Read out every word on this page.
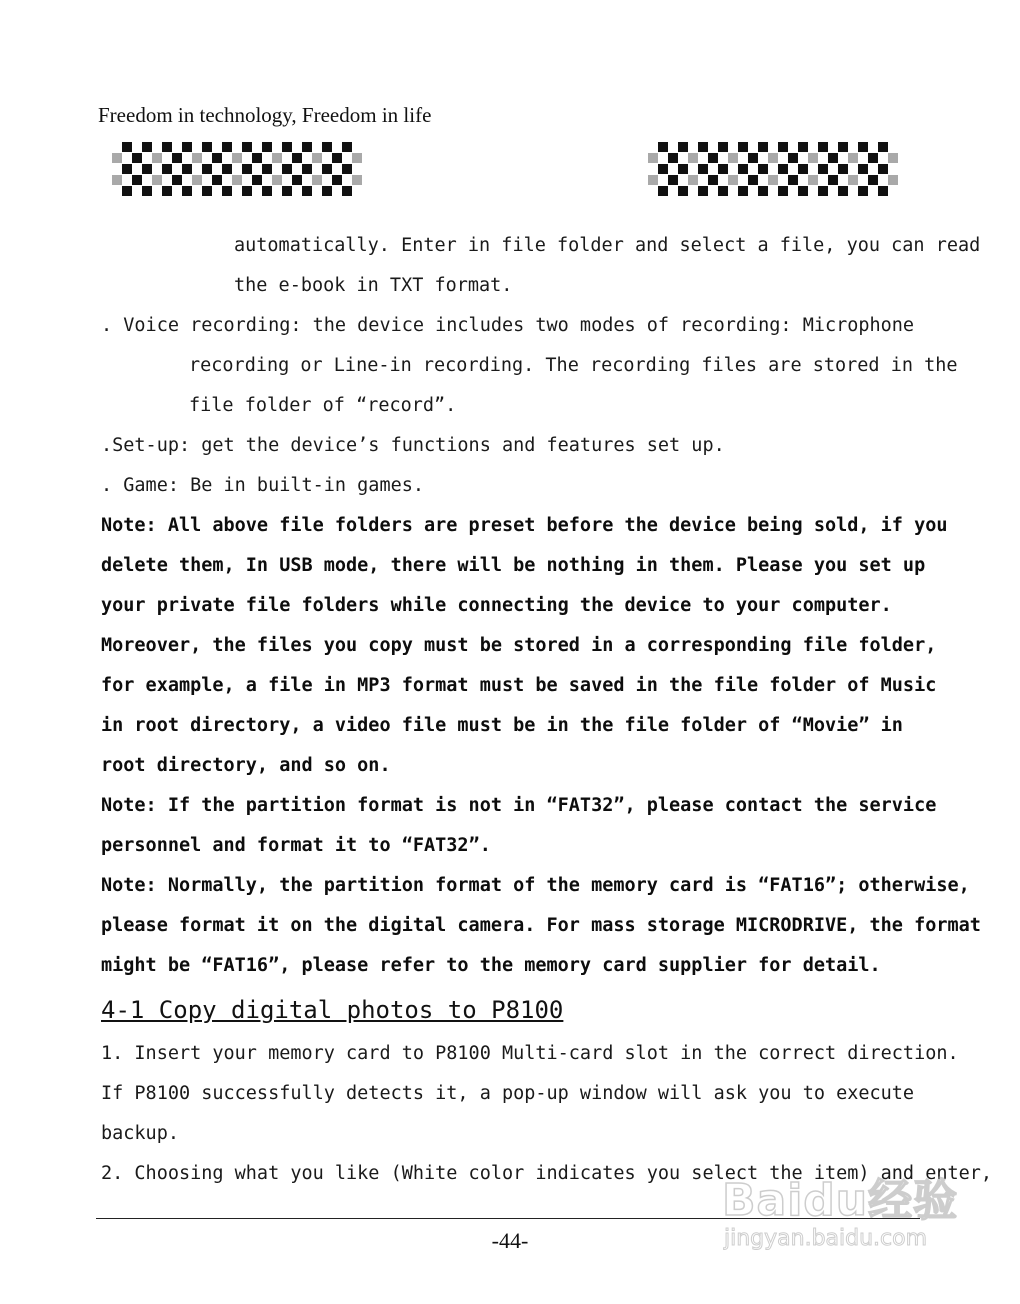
Freedom in technology, Freedom in life
automatically. Enter in file folder and select a file, you can read
the e-book in TXT format.
. Voice recording: the device includes two modes of recording: Microphone
recording or Line-in recording. The recording files are stored in the
file folder of “record”.
.Set-up: get the device’s functions and features set up.
. Game: Be in built-in games.
Note: All above file folders are preset before the device being sold, if you
delete them, In USB mode, there will be nothing in them. Please you set up
your private file folders while connecting the device to your computer.
Moreover, the files you copy must be stored in a corresponding file folder,
for example, a file in MP3 format must be saved in the file folder of Music
in root directory, a video file must be in the file folder of “Movie” in
root directory, and so on.
Note: If the partition format is not in “FAT32”, please contact the service
personnel and format it to “FAT32”.
Note: Normally, the partition format of the memory card is “FAT16”; otherwise,
please format it on the digital camera. For mass storage MICRODRIVE, the format
might be “FAT16”, please refer to the memory card supplier for detail.
4-1 Copy digital photos to P8100
1. Insert your memory card to P8100 Multi-card slot in the correct direction.
If P8100 successfully detects it, a pop-up window will ask you to execute
backup.
2. Choosing what you like (White color indicates you select the item) and enter,
-44-
Baidu经验
jingyan.baidu.com
